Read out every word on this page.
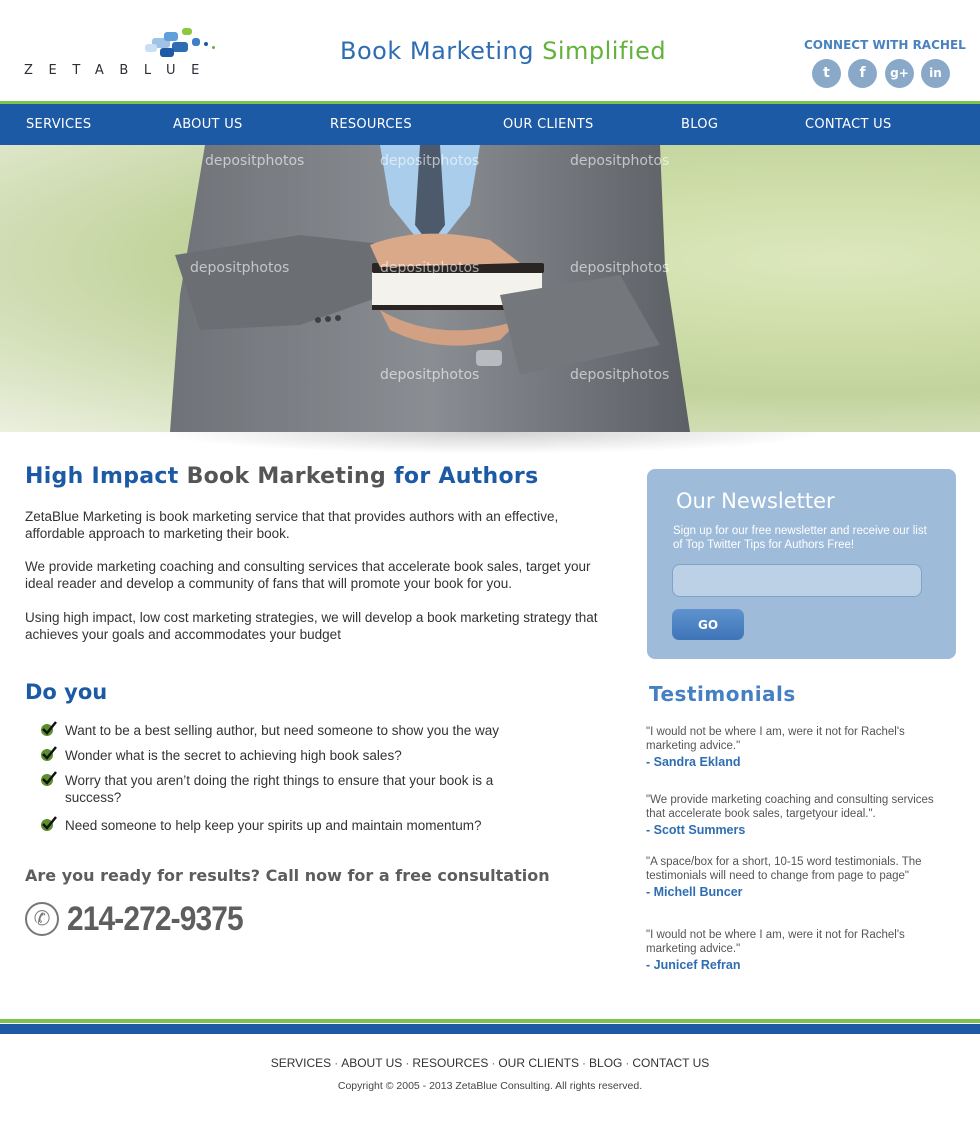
ZETABLUE
Book Marketing Simplified	CONNECT WITH RACHEL
t	f	g+	in
SERVICES	ABOUT US	RESOURCES	OUR CLIENTS	BLOG	CONTACT US
depositphotos	depositphotos	depositphotos
depositphotos	depositphotos	depositphotos
depositphotos	depositphotos
High Impact Book Marketing for Authors

ZetaBlue Marketing is book marketing service that that provides authors with an effective, affordable approach to marketing their book.

We provide marketing coaching and consulting services that accelerate book sales, target your ideal reader and develop a community of fans that will promote your book for you.

Using high impact, low cost marketing strategies, we will develop a book marketing strategy that achieves your goals and accommodates your budget

Do you
Want to be a best selling author, but need someone to show you the way
Wonder what is the secret to achieving high book sales?
Worry that you aren’t doing the right things to ensure that your book is a success?
Need someone to help keep your spirits up and maintain momentum?
Are you ready for results? Call now for a free consultation
✆ 214-272-9375
Our Newsletter
Sign up for our free newsletter and receive our list of Top Twitter Tips for Authors Free!
GO
Testimonials
"I would not be where I am, were it not for Rachel's marketing advice."
- Sandra Ekland
"We provide marketing coaching and consulting services that accelerate book sales, targetyour ideal.".
- Scott Summers
"A space/box for a short, 10-15 word testimonials. The testimonials will need to change from page to page"
- Michell Buncer
"I would not be where I am, were it not for Rachel's marketing advice."
- Junicef Refran
SERVICES · ABOUT US · RESOURCES · OUR CLIENTS · BLOG · CONTACT US
Copyright © 2005 - 2013 ZetaBlue Consulting. All rights reserved.
